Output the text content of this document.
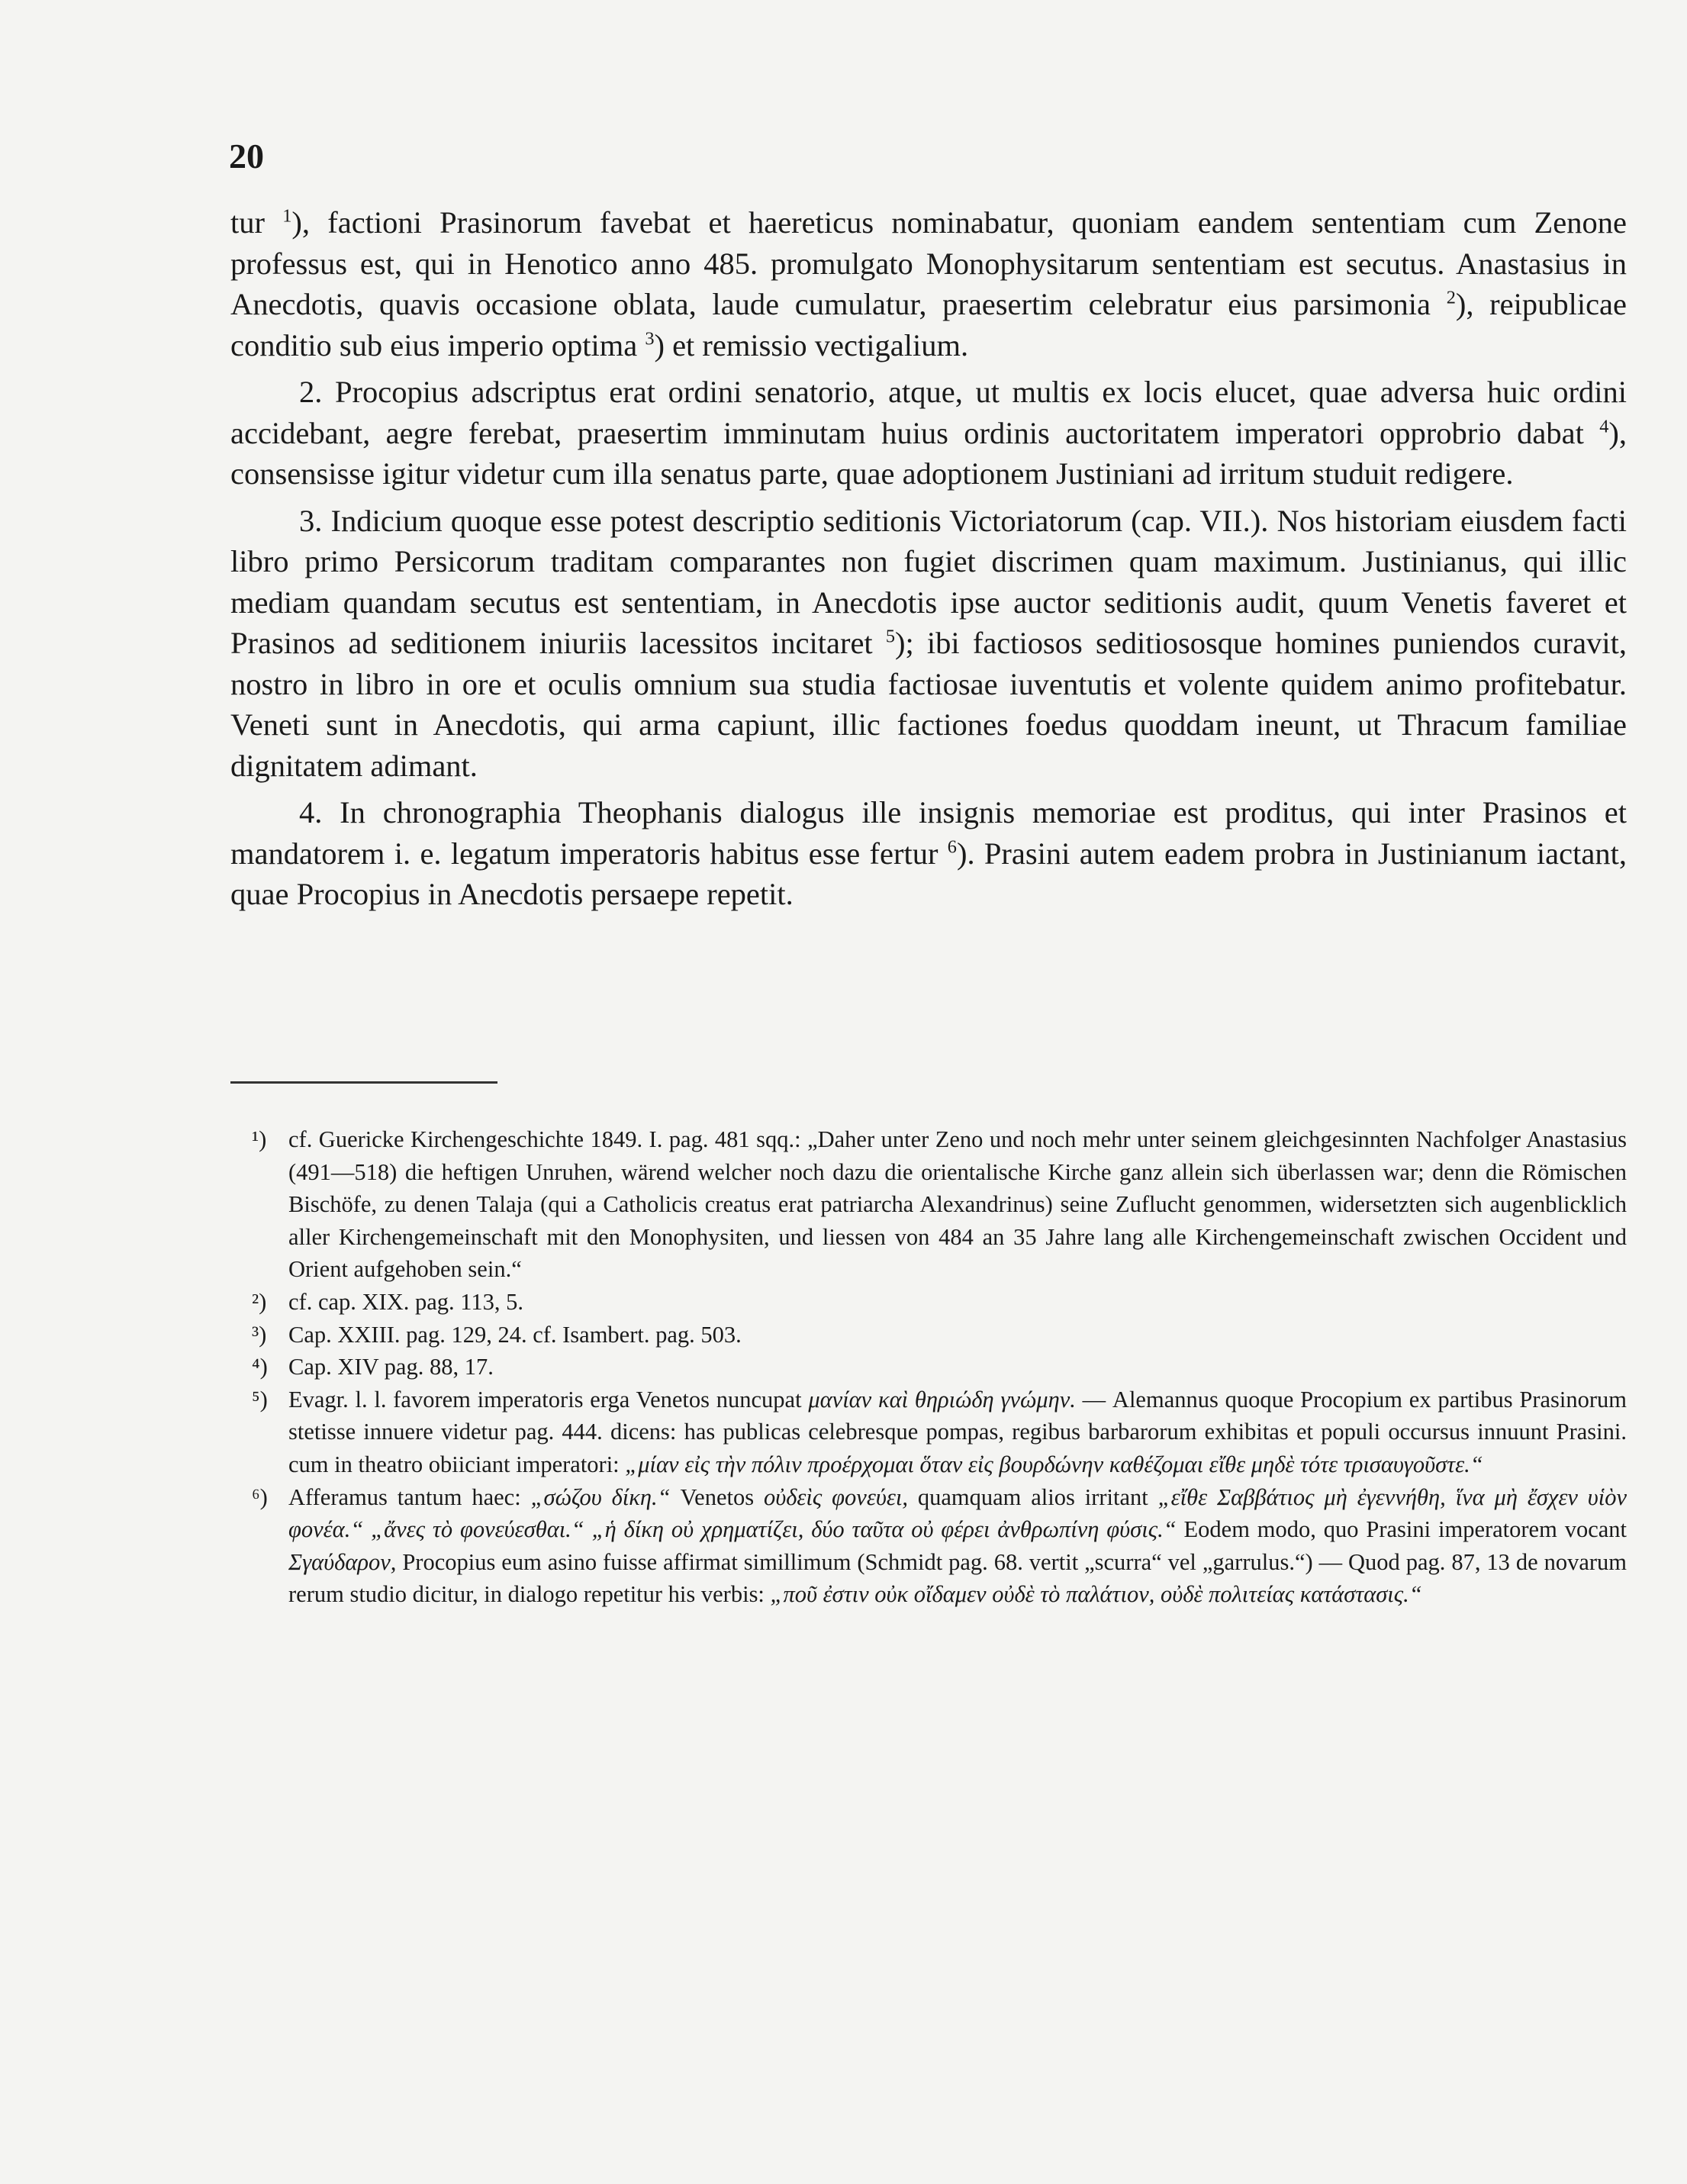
20

tur $^1$), factioni Prasinorum favebat et haereticus nominabatur, quoniam eandem sententiam cum Zenone professus est, qui in Henotico anno 485. promulgato Monophysitarum sententiam est secutus. Anastasius in Anecdotis, quavis occasione oblata, laude cumulatur, praesertim celebratur eius parsimonia $^2$), reipublicae conditio sub eius imperio optima $^3$) et remissio vectigalium.

2. Procopius adscriptus erat ordini senatorio, atque, ut multis ex locis elucet, quae adversa huic ordini accidebant, aegre ferebat, praesertim imminutam huius ordinis auctoritatem imperatori opprobrio dabat $^4$), consensisse igitur videtur cum illa senatus parte, quae adoptionem Justiniani ad irritum studuit redigere.

3. Indicium quoque esse potest descriptio seditionis Victoriatorum (cap. VII.). Nos historiam eiusdem facti libro primo Persicorum traditam comparantes non fugiet discrimen quam maximum. Justinianus, qui illic mediam quandam secutus est sententiam, in Anecdotis ipse auctor seditionis audit, quum Venetis faveret et Prasinos ad seditionem iniuriis lacessitos incitaret $^5$); ibi factiosos seditiososque homines puniendos curavit, nostro in libro in ore et oculis omnium sua studia factiosae iuventutis et volente quidem animo profitebatur. Veneti sunt in Anecdotis, qui arma capiunt, illic factiones foedus quoddam ineunt, ut Thracum familiae dignitatem adimant.

4. In chronographia Theophanis dialogus ille insignis memoriae est proditus, qui inter Prasinos et mandatorem i. e. legatum imperatoris habitus esse fertur $^6$). Prasini autem eadem probra in Justinianum iactant, quae Procopius in Anecdotis persaepe repetit.

¹) cf. Guericke Kirchengeschichte 1849. I. pag. 481 sqq.: „Daher unter Zeno und noch mehr unter seinem gleichgesinnten Nachfolger Anastasius (491—518) die heftigen Unruhen, wärend welcher noch dazu die orientalische Kirche ganz allein sich überlassen war; denn die Römischen Bischöfe, zu denen Talaja (qui a Catholicis creatus erat patriarcha Alexandrinus) seine Zuflucht genommen, widersetzten sich augenblicklich aller Kirchengemeinschaft mit den Monophysiten, und liessen von 484 an 35 Jahre lang alle Kirchengemeinschaft zwischen Occident und Orient aufgehoben sein.“
²) cf. cap. XIX. pag. 113, 5.
³) Cap. XXIII. pag. 129, 24. cf. Isambert. pag. 503.
⁴) Cap. XIV pag. 88, 17.
⁵) Evagr. l. l. favorem imperatoris erga Venetos nuncupat μανίαν καὶ θηριώδη γνώμην. — Alemannus quoque Procopium ex partibus Prasinorum stetisse innuere videtur pag. 444. dicens: has publicas celebresque pompas, regibus barbarorum exhibitas et populi occursus innuunt Prasini. cum in theatro obiiciant imperatori: „μίαν εἰς τὴν πόλιν προέρχομαι ὅταν εἰς βουρδώνην καθέζομαι εἴθε μηδὲ τότε τρισαυγοῦστε.“
⁶) Afferamus tantum haec: „σώζου δίκη.“ Venetos οὐδεὶς φονεύει, quamquam alios irritant „εἴθε Σαββάτιος μὴ ἐγεννήθη, ἵνα μὴ ἔσχεν υἱὸν φονέα.“ „ἄνες τὸ φονεύεσθαι.“ „ἡ δίκη οὐ χρηματίζει, δύο ταῦτα οὐ φέρει ἀνθρωπίνη φύσις.“ Eodem modo, quo Prasini imperatorem vocant Σγαύδαρον, Procopius eum asino fuisse affirmat simillimum (Schmidt pag. 68. vertit „scurra“ vel „garrulus.“) — Quod pag. 87, 13 de novarum rerum studio dicitur, in dialogo repetitur his verbis: „ποῦ ἐστιν οὐκ οἴδαμεν οὐδὲ τὸ παλάτιον, οὐδὲ πολιτείας κατάστασις.“
